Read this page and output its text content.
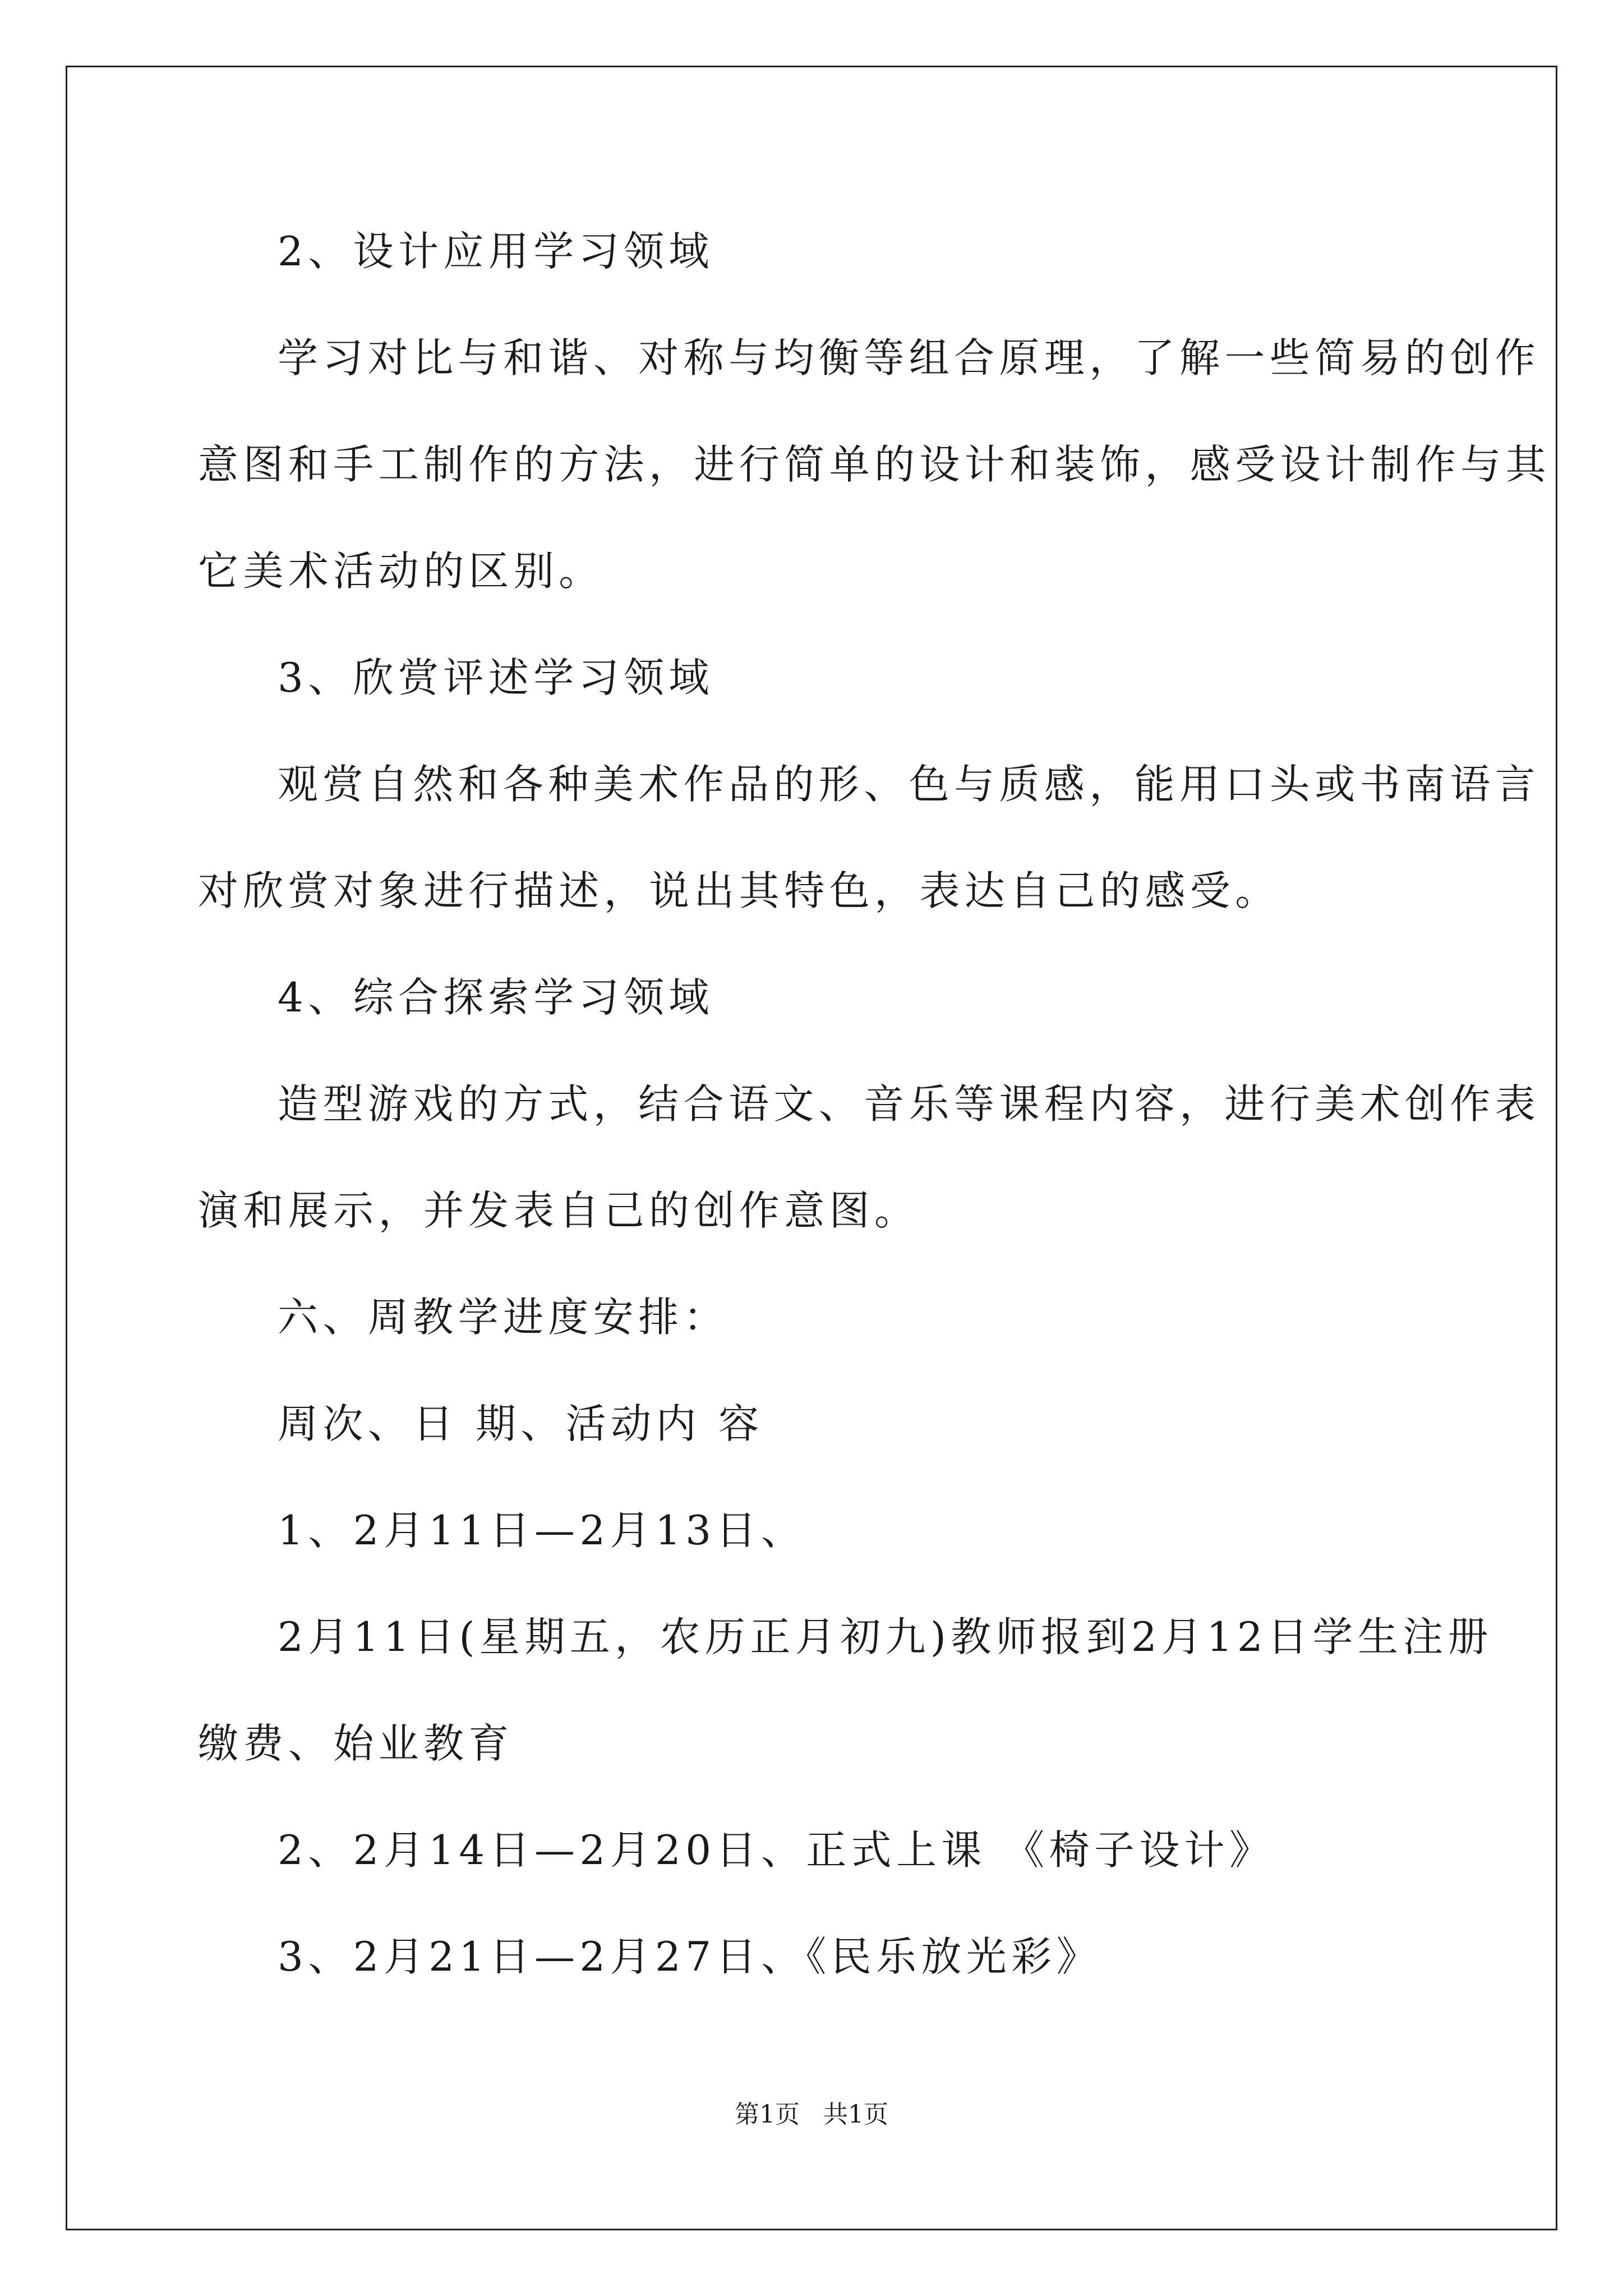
2、设计应用学习领域
学习对比与和谐、对称与均衡等组合原理，了解一些简易的创作
意图和手工制作的方法，进行简单的设计和装饰，感受设计制作与其
它美术活动的区别。
3、欣赏评述学习领域
观赏自然和各种美术作品的形、色与质感，能用口头或书南语言
对欣赏对象进行描述，说出其特色，表达自己的感受。
4、综合探索学习领域
造型游戏的方式，结合语文、音乐等课程内容，进行美术创作表
演和展示，并发表自己的创作意图。
六、周教学进度安排：
周次、日 期、活动内 容
1、2月11日—2月13日、
2月11日(星期五，农历正月初九)教师报到2月12日学生注册
缴费、始业教育
2、2月14日—2月20日、正式上课 《椅子设计》
3、2月21日—2月27日、《民乐放光彩》
第1页   共1页
